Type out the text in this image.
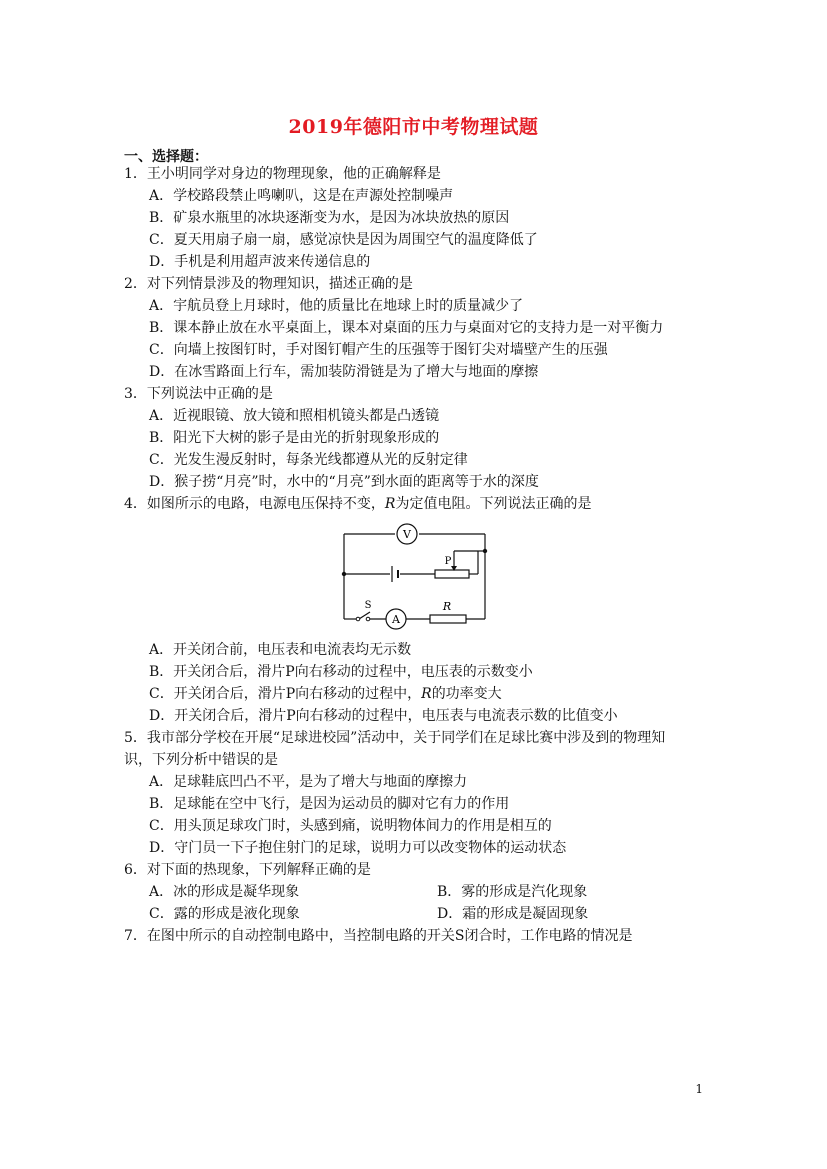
2019年德阳市中考物理试题
一、选择题：
1．王小明同学对身边的物理现象，他的正确解释是
A．学校路段禁止鸣喇叭，这是在声源处控制噪声
B．矿泉水瓶里的冰块逐渐变为水，是因为冰块放热的原因
C．夏天用扇子扇一扇，感觉凉快是因为周围空气的温度降低了
D．手机是利用超声波来传递信息的
2．对下列情景涉及的物理知识，描述正确的是
A．宇航员登上月球时，他的质量比在地球上时的质量减少了
B．课本静止放在水平桌面上，课本对桌面的压力与桌面对它的支持力是一对平衡力
C．向墙上按图钉时，手对图钉帽产生的压强等于图钉尖对墙壁产生的压强
D．在冰雪路面上行车，需加装防滑链是为了增大与地面的摩擦
3．下列说法中正确的是
A．近视眼镜、放大镜和照相机镜头都是凸透镜
B．阳光下大树的影子是由光的折射现象形成的
C．光发生漫反射时，每条光线都遵从光的反射定律
D．猴子捞“月亮”时，水中的“月亮”到水面的距离等于水的深度
4．如图所示的电路，电源电压保持不变，R为定值电阻。下列说法正确的是
V
A
P
S	R
A．开关闭合前，电压表和电流表均无示数
B．开关闭合后，滑片P向右移动的过程中，电压表的示数变小
C．开关闭合后，滑片P向右移动的过程中，R的功率变大
D．开关闭合后，滑片P向右移动的过程中，电压表与电流表示数的比值变小
5．我市部分学校在开展“足球进校园”活动中，关于同学们在足球比赛中涉及到的物理知
识，下列分析中错误的是
A．足球鞋底凹凸不平，是为了增大与地面的摩擦力
B．足球能在空中飞行，是因为运动员的脚对它有力的作用
C．用头顶足球攻门时，头感到痛，说明物体间力的作用是相互的
D．守门员一下子抱住射门的足球，说明力可以改变物体的运动状态
6．对下面的热现象，下列解释正确的是
A．冰的形成是凝华现象	B．雾的形成是汽化现象
C．露的形成是液化现象	D．霜的形成是凝固现象
7．在图中所示的自动控制电路中，当控制电路的开关S闭合时，工作电路的情况是
1
